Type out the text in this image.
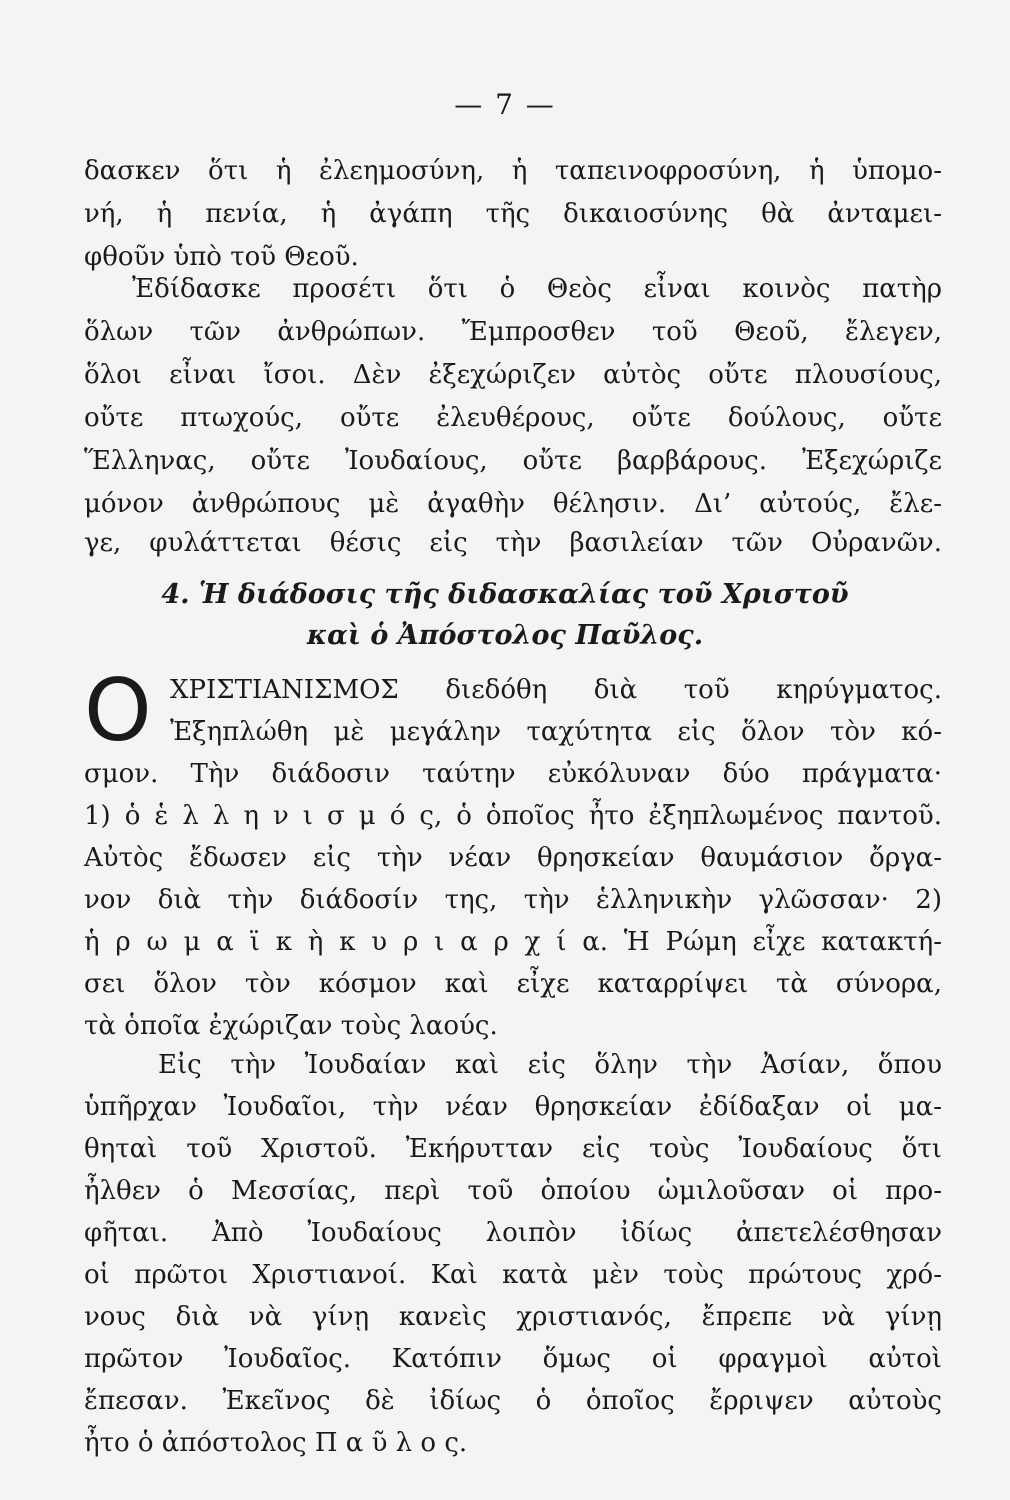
— 7 —
δασκεν ὅτι ἡ ἐλεημοσύνη, ἡ ταπεινοφροσύνη, ἡ ὑπομο-
νή, ἡ πενία, ἡ ἀγάπη τῆς δικαιοσύνης θὰ ἀνταμει-
φθοῦν ὑπὸ τοῦ Θεοῦ.
Ἐδίδασκε προσέτι ὅτι ὁ Θεὸς εἶναι κοινὸς πατὴρ
ὅλων τῶν ἀνθρώπων. Ἔμπροσθεν τοῦ Θεοῦ, ἔλεγεν,
ὅλοι εἶναι ἴσοι. Δὲν ἐξεχώριζεν αὐτὸς οὔτε πλουσίους,
οὔτε πτωχούς, οὔτε ἐλευθέρους, οὔτε δούλους, οὔτε
Ἕλληνας, οὔτε Ἰουδαίους, οὔτε βαρβάρους. Ἐξεχώριζε
μόνον ἀνθρώπους μὲ ἀγαθὴν θέλησιν. Δι’ αὐτούς, ἔλε-
γε, φυλάττεται θέσις εἰς τὴν βασιλείαν τῶν Οὐρανῶν.
4. Ἡ διάδοσις τῆς διδασκαλίας τοῦ Χριστοῦ
καὶ ὁ Ἀπόστολος Παῦλος.
Ο ΧΡΙΣΤΙΑΝΙΣΜΟΣ διεδόθη διὰ τοῦ κηρύγματος.
Ἐξηπλώθη μὲ μεγάλην ταχύτητα εἰς ὅλον τὸν κό-
σμον. Τὴν διάδοσιν ταύτην εὐκόλυναν δύο πράγματα·
1) ὁ ἑ λ λ η ν ι σ μ ό ς, ὁ ὁποῖος ἦτο ἐξηπλωμένος παντοῦ.
Αὐτὸς ἔδωσεν εἰς τὴν νέαν θρησκείαν θαυμάσιον ὄργα-
νον διὰ τὴν διάδοσίν της, τὴν ἑλληνικὴν γλῶσσαν· 2)
ἡ ρ ω μ α ϊ κ ὴ κ υ ρ ι α ρ χ ί α. Ἡ Ρώμη εἶχε κατακτή-
σει ὅλον τὸν κόσμον καὶ εἶχε καταρρίψει τὰ σύνορα,
τὰ ὁποῖα ἐχώριζαν τοὺς λαούς.
Εἰς τὴν Ἰουδαίαν καὶ εἰς ὅλην τὴν Ἀσίαν, ὅπου
ὑπῆρχαν Ἰουδαῖοι, τὴν νέαν θρησκείαν ἐδίδαξαν οἱ μα-
θηταὶ τοῦ Χριστοῦ. Ἐκήρυτταν εἰς τοὺς Ἰουδαίους ὅτι
ἦλθεν ὁ Μεσσίας, περὶ τοῦ ὁποίου ὡμιλοῦσαν οἱ προ-
φῆται. Ἀπὸ Ἰουδαίους λοιπὸν ἰδίως ἀπετελέσθησαν
οἱ πρῶτοι Χριστιανοί. Καὶ κατὰ μὲν τοὺς πρώτους χρό-
νους διὰ νὰ γίνῃ κανεὶς χριστιανός, ἔπρεπε νὰ γίνῃ
πρῶτον Ἰουδαῖος. Κατόπιν ὅμως οἱ φραγμοὶ αὐτοὶ
ἔπεσαν. Ἐκεῖνος δὲ ἰδίως ὁ ὁποῖος ἔρριψεν αὐτοὺς
ἦτο ὁ ἀπόστολος Π α ῦ λ ο ς.
